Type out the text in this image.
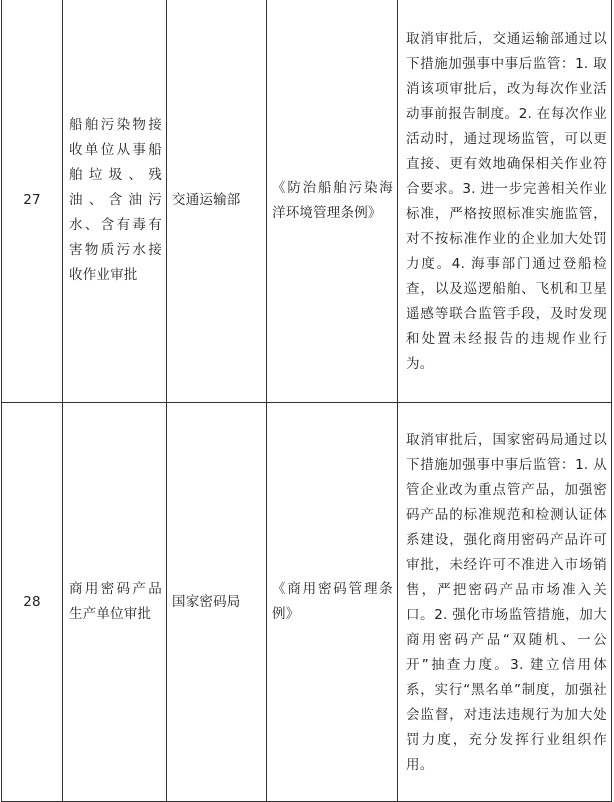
27	船舶污染物接收单位从事船舶垃圾、残油、含油污水、含有毒有害物质污水接收作业审批	交通运输部	《防治船舶污染海洋环境管理条例》	取消审批后，交通运输部通过以下措施加强事中事后监管：1. 取消该项审批后，改为每次作业活动事前报告制度。2. 在每次作业活动时，通过现场监管，可以更直接、更有效地确保相关作业符合要求。3. 进一步完善相关作业标准，严格按照标准实施监管，对不按标准作业的企业加大处罚力度。4. 海事部门通过登船检查，以及巡逻船舶、飞机和卫星遥感等联合监管手段，及时发现和处置未经报告的违规作业行为。
28	商用密码产品生产单位审批	国家密码局	《商用密码管理条例》	取消审批后，国家密码局通过以下措施加强事中事后监管：1. 从管企业改为重点管产品，加强密码产品的标准规范和检测认证体系建设，强化商用密码产品许可审批，未经许可不准进入市场销售，严把密码产品市场准入关口。2. 强化市场监管措施，加大商用密码产品“双随机、一公开”抽查力度。3. 建立信用体系，实行“黑名单”制度，加强社会监督，对违法违规行为加大处罚力度，充分发挥行业组织作用。
